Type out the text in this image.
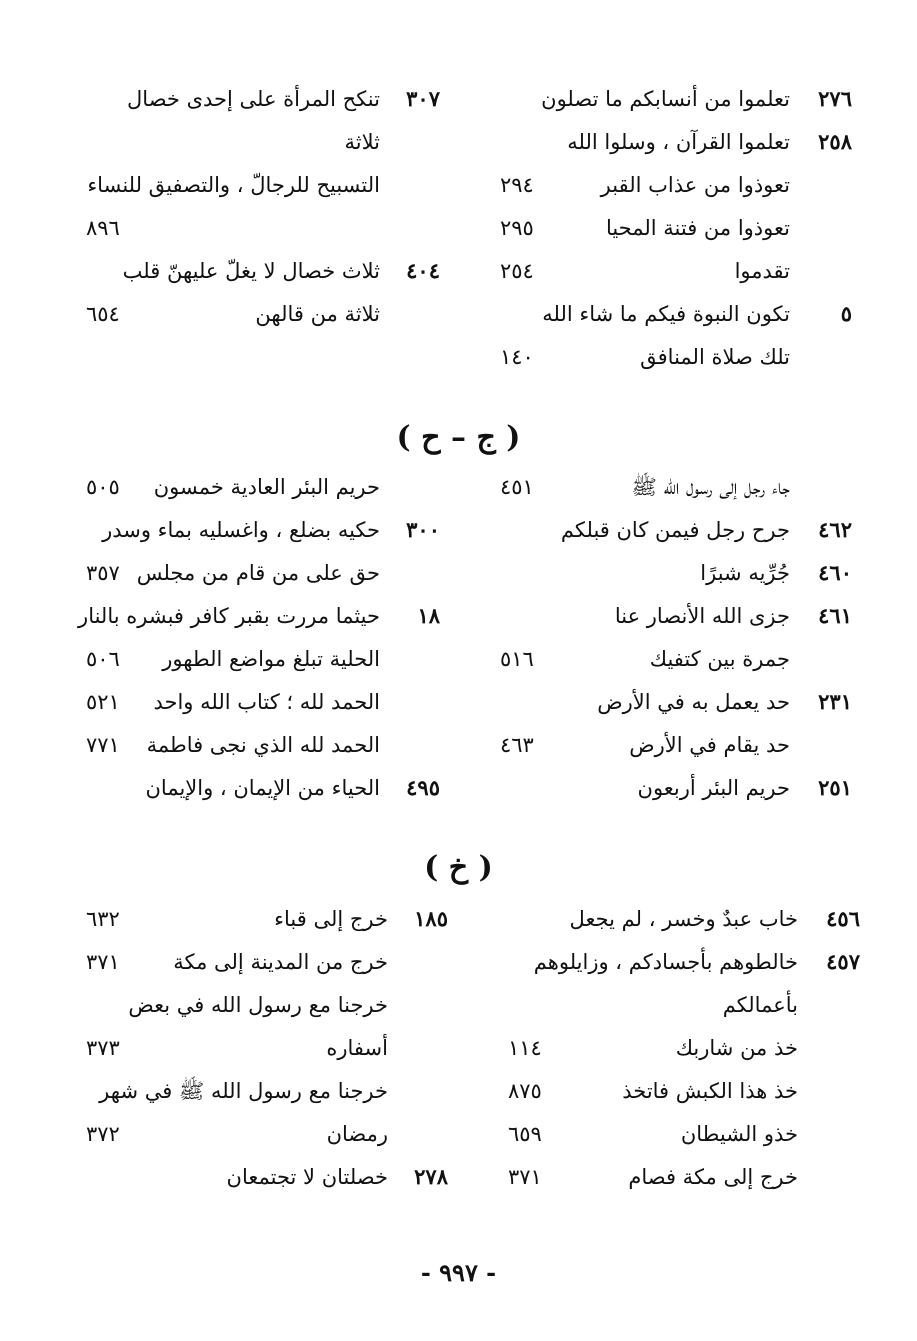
٢٧٦
تعلموا من أنسابكم ما تصلون
٢٥٨
تعلموا القرآن ، وسلوا الله
تعوذوا من عذاب القبر
٢٩٤
تعوذوا من فتنة المحيا
٢٩٥
تقدموا
٢٥٤
٥
تكون النبوة فيكم ما شاء الله
تلك صلاة المنافق
١٤٠
٣٠٧
تنكح المرأة على إحدى خصال
ثلاثة
التسبيح للرجالّ ، والتصفيق للنساء
٨٩٦
٤٠٤
ثلاث خصال لا يغلّ عليهنّ قلب
ثلاثة من قالهن
٦٥٤
( ج – ح )
جاء رجل إلى رسول الله ﷺ
٤٥١
٤٦٢
جرح رجل فيمن كان قبلكم
٤٦٠
جُرِّيه شبرًا
٤٦١
جزى الله الأنصار عنا
جمرة بين كتفيك
٥١٦
٢٣١
حد يعمل به في الأرض
حد يقام في الأرض
٤٦٣
٢٥١
حريم البئر أربعون
حريم البئر العادية خمسون
٥٠٥
٣٠٠
حكيه بضلع ، واغسليه بماء وسدر
حق على من قام من مجلس
٣٥٧
١٨
حيثما مررت بقبر كافر فبشره بالنار
الحلية تبلغ مواضع الطهور
٥٠٦
الحمد لله ؛ كتاب الله واحد
٥٢١
الحمد لله الذي نجى فاطمة
٧٧١
٤٩٥
الحياء من الإيمان ، والإيمان
( خ )
٤٥٦
خاب عبدٌ وخسر ، لم يجعل
٤٥٧
خالطوهم بأجسادكم ، وزايلوهم
بأعمالكم
خذ من شاربك
١١٤
خذ هذا الكبش فاتخذ
٨٧٥
خذو الشيطان
٦٥٩
خرج إلى مكة فصام
٣٧١
١٨٥
خرج إلى قباء
٦٣٢
خرج من المدينة إلى مكة
٣٧١
خرجنا مع رسول الله في بعض
أسفاره
٣٧٣
خرجنا مع رسول الله ﷺ في شهر
رمضان
٣٧٢
٢٧٨
خصلتان لا تجتمعان
- ٩٩٧ -
